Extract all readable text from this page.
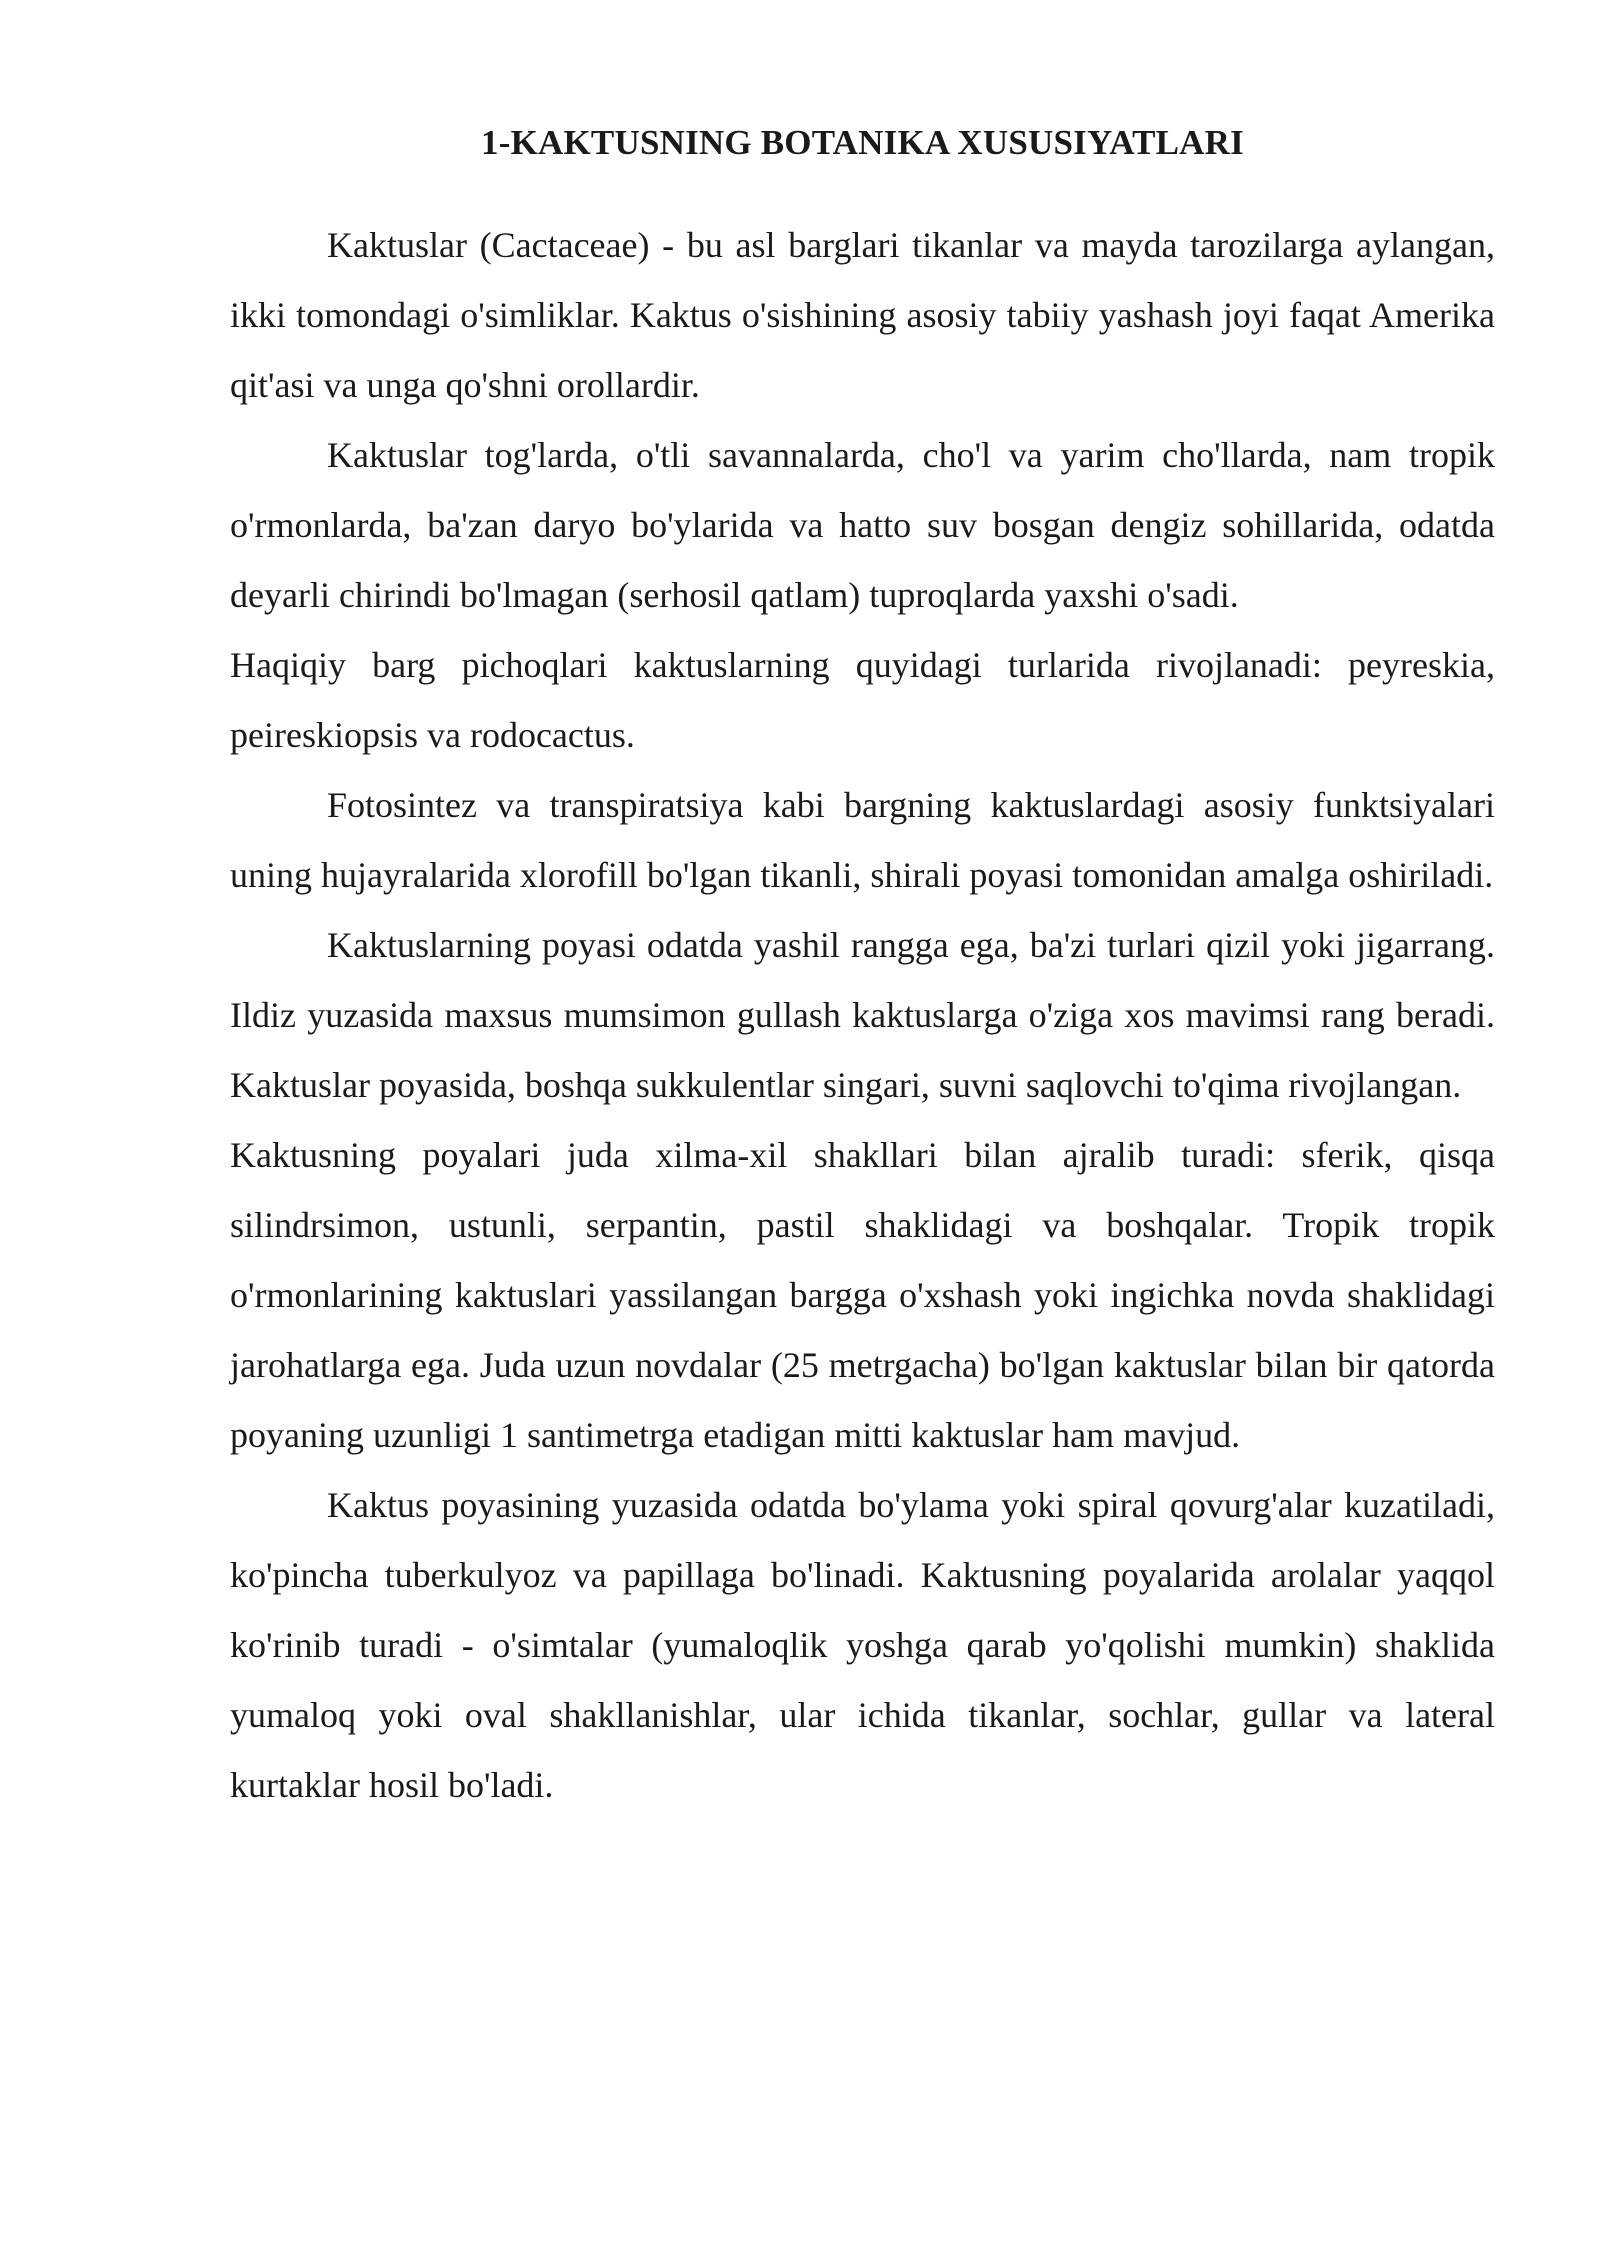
1-KAKTUSNING BOTANIKA XUSUSIYATLARI

Kaktuslar (Cactaceae) - bu asl barglari tikanlar va mayda tarozilarga aylangan, ikki tomondagi o'simliklar. Kaktus o'sishining asosiy tabiiy yashash joyi faqat Amerika qit'asi va unga qo'shni orollardir.

Kaktuslar tog'larda, o'tli savannalarda, cho'l va yarim cho'llarda, nam tropik o'rmonlarda, ba'zan daryo bo'ylarida va hatto suv bosgan dengiz sohillarida, odatda deyarli chirindi bo'lmagan (serhosil qatlam) tuproqlarda yaxshi o'sadi.

Haqiqiy barg pichoqlari kaktuslarning quyidagi turlarida rivojlanadi: peyreskia, peireskiopsis va rodocactus.

Fotosintez va transpiratsiya kabi bargning kaktuslardagi asosiy funktsiyalari uning hujayralarida xlorofill bo'lgan tikanli, shirali poyasi tomonidan amalga oshiriladi.

Kaktuslarning poyasi odatda yashil rangga ega, ba'zi turlari qizil yoki jigarrang. Ildiz yuzasida maxsus mumsimon gullash kaktuslarga o'ziga xos mavimsi rang beradi. Kaktuslar poyasida, boshqa sukkulentlar singari, suvni saqlovchi to'qima rivojlangan.

Kaktusning poyalari juda xilma-xil shakllari bilan ajralib turadi: sferik, qisqa silindrsimon, ustunli, serpantin, pastil shaklidagi va boshqalar. Tropik tropik o'rmonlarining kaktuslari yassilangan bargga o'xshash yoki ingichka novda shaklidagi jarohatlarga ega. Juda uzun novdalar (25 metrgacha) bo'lgan kaktuslar bilan bir qatorda poyaning uzunligi 1 santimetrga etadigan mitti kaktuslar ham mavjud.

Kaktus poyasining yuzasida odatda bo'ylama yoki spiral qovurg'alar kuzatiladi, ko'pincha tuberkulyoz va papillaga bo'linadi. Kaktusning poyalarida arolalar yaqqol ko'rinib turadi - o'simtalar (yumaloqlik yoshga qarab yo'qolishi mumkin) shaklida yumaloq yoki oval shakllanishlar, ular ichida tikanlar, sochlar, gullar va lateral kurtaklar hosil bo'ladi.
